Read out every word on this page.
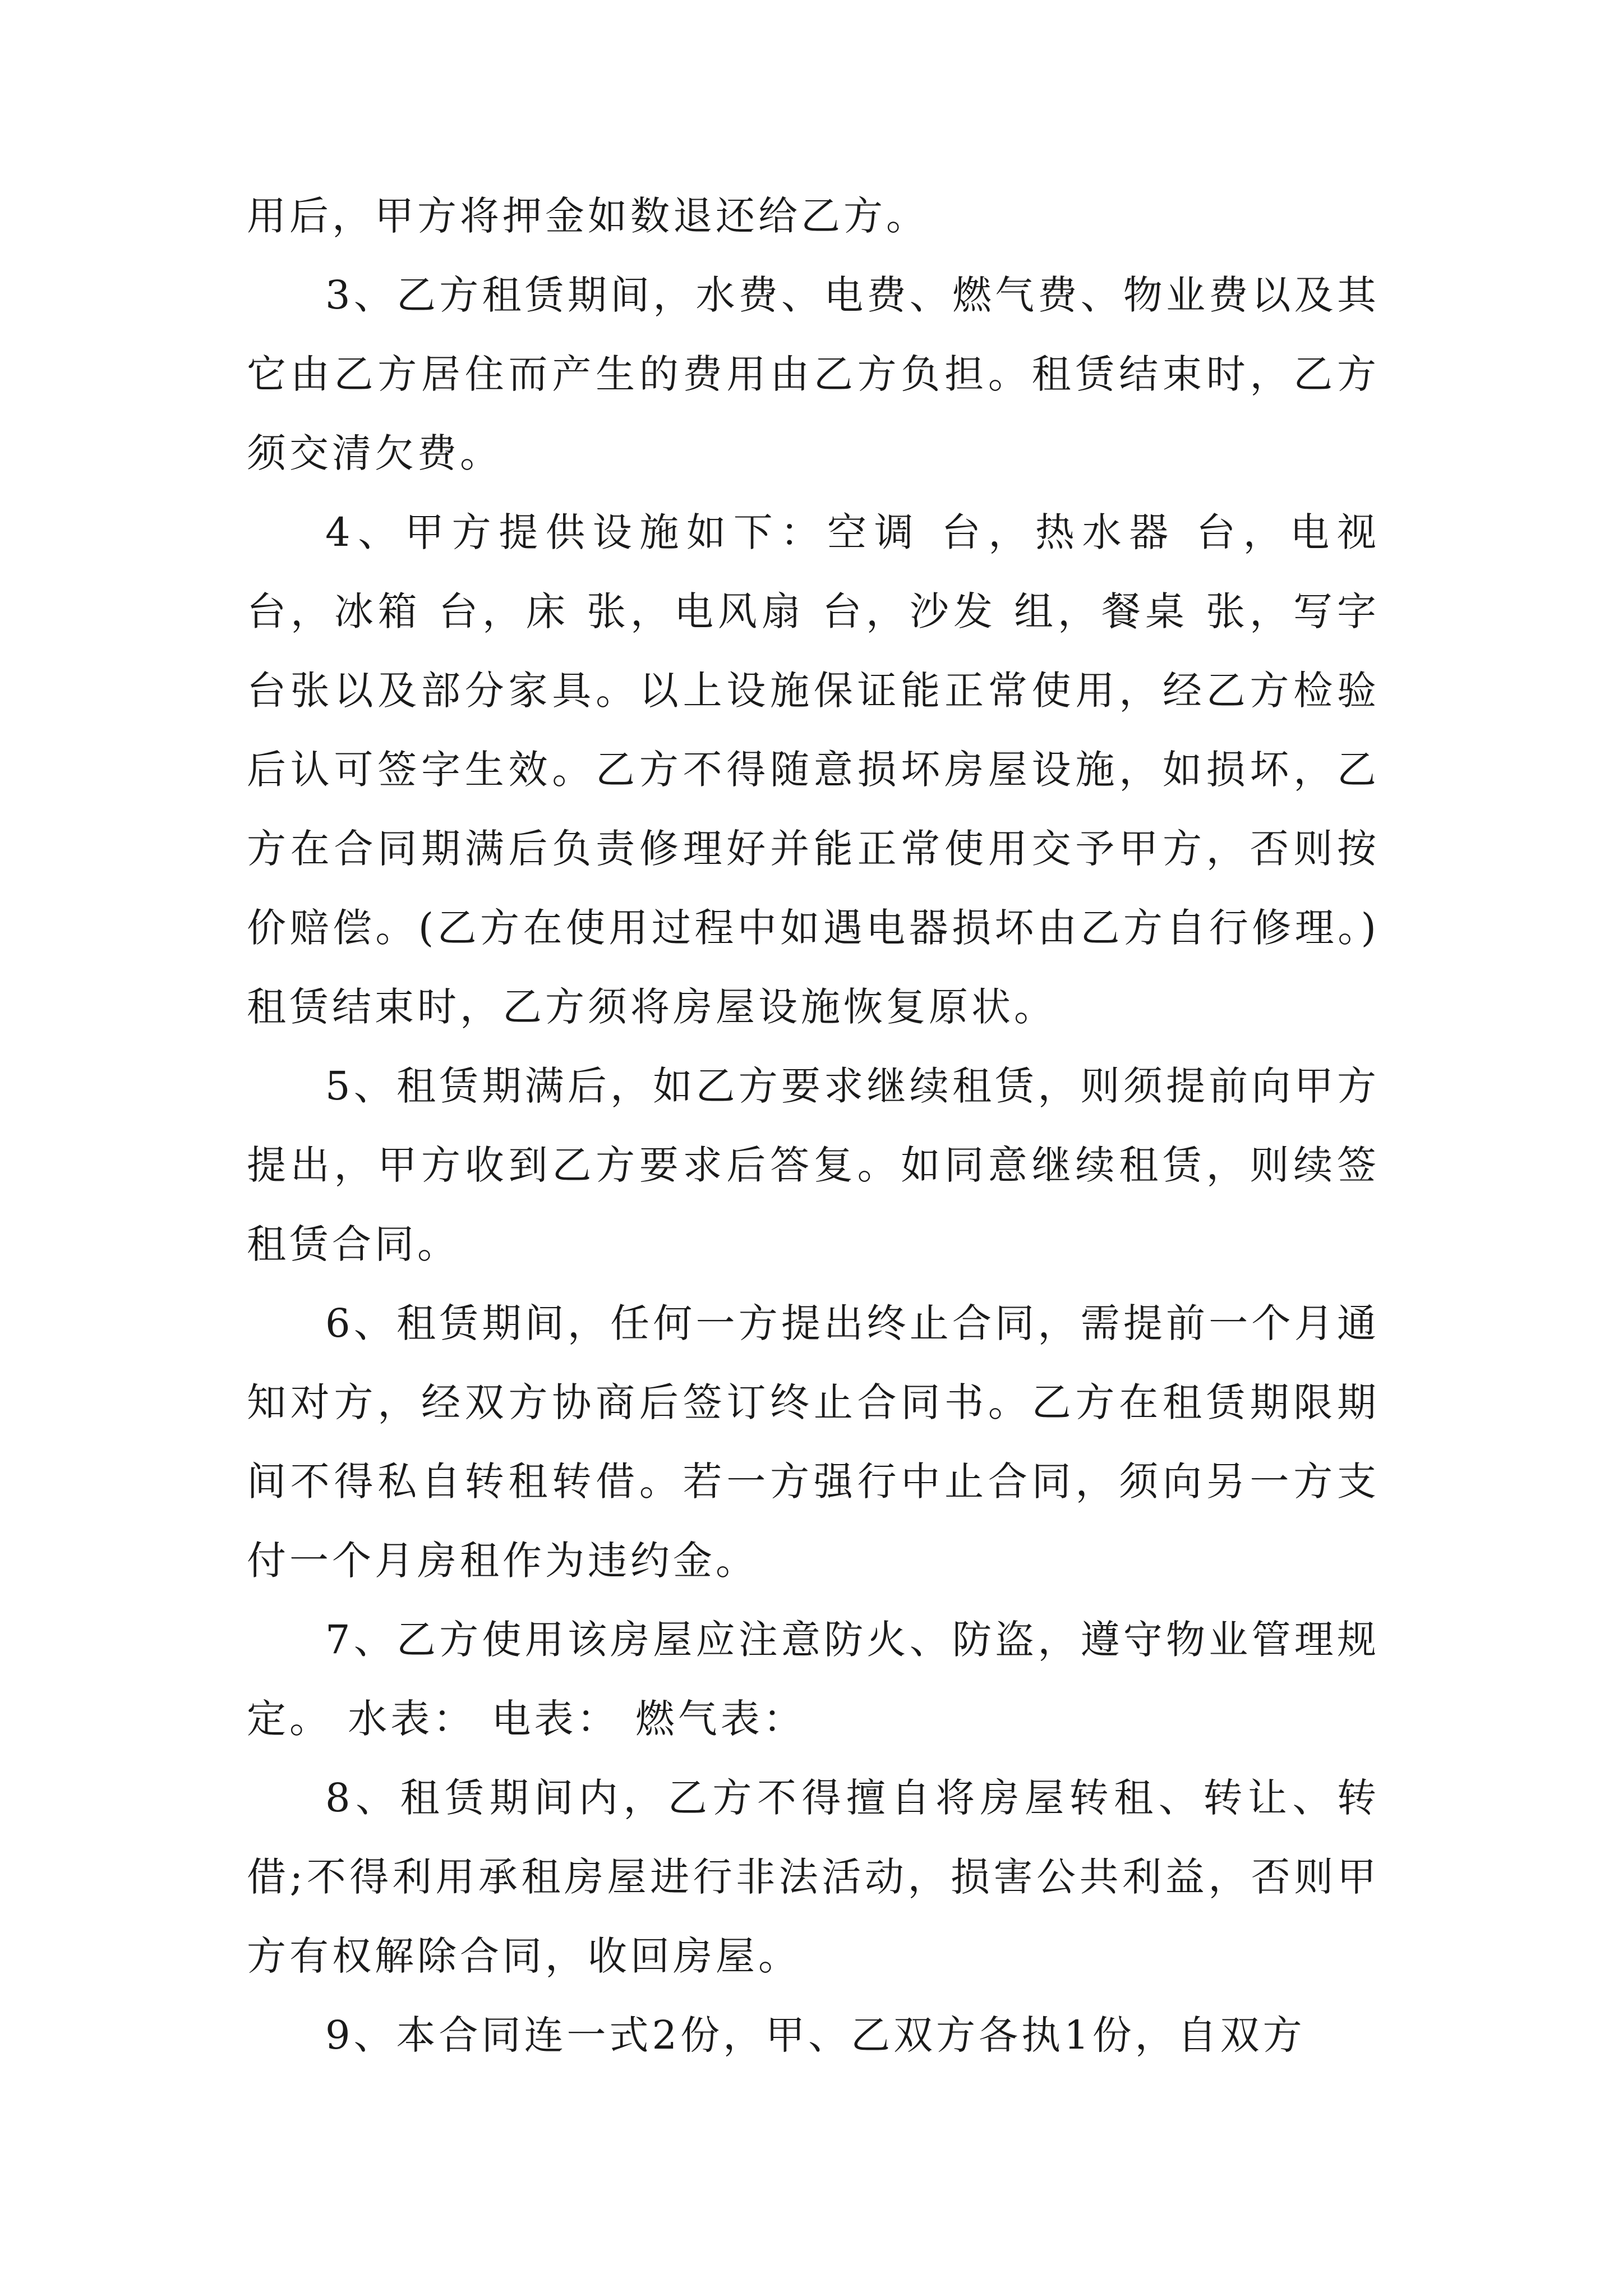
用后，甲方将押金如数退还给乙方。

3、乙方租赁期间，水费、电费、燃气费、物业费以及其它由乙方居住而产生的费用由乙方负担。租赁结束时，乙方须交清欠费。

4、甲方提供设施如下：空调 台，热水器 台，电视 台，冰箱 台，床 张，电风扇 台，沙发 组，餐桌 张，写字台张以及部分家具。以上设施保证能正常使用，经乙方检验后认可签字生效。乙方不得随意损坏房屋设施，如损坏，乙方在合同期满后负责修理好并能正常使用交予甲方，否则按价赔偿。(乙方在使用过程中如遇电器损坏由乙方自行修理。)租赁结束时，乙方须将房屋设施恢复原状。

5、租赁期满后，如乙方要求继续租赁，则须提前向甲方提出，甲方收到乙方要求后答复。如同意继续租赁，则续签租赁合同。

6、租赁期间，任何一方提出终止合同，需提前一个月通知对方，经双方协商后签订终止合同书。乙方在租赁期限期间不得私自转租转借。若一方强行中止合同，须向另一方支付一个月房租作为违约金。

7、乙方使用该房屋应注意防火、防盗，遵守物业管理规定。 水表： 电表： 燃气表：

8、租赁期间内，乙方不得擅自将房屋转租、转让、转借;不得利用承租房屋进行非法活动，损害公共利益，否则甲方有权解除合同，收回房屋。

9、本合同连一式2份，甲、乙双方各执1份，自双方
